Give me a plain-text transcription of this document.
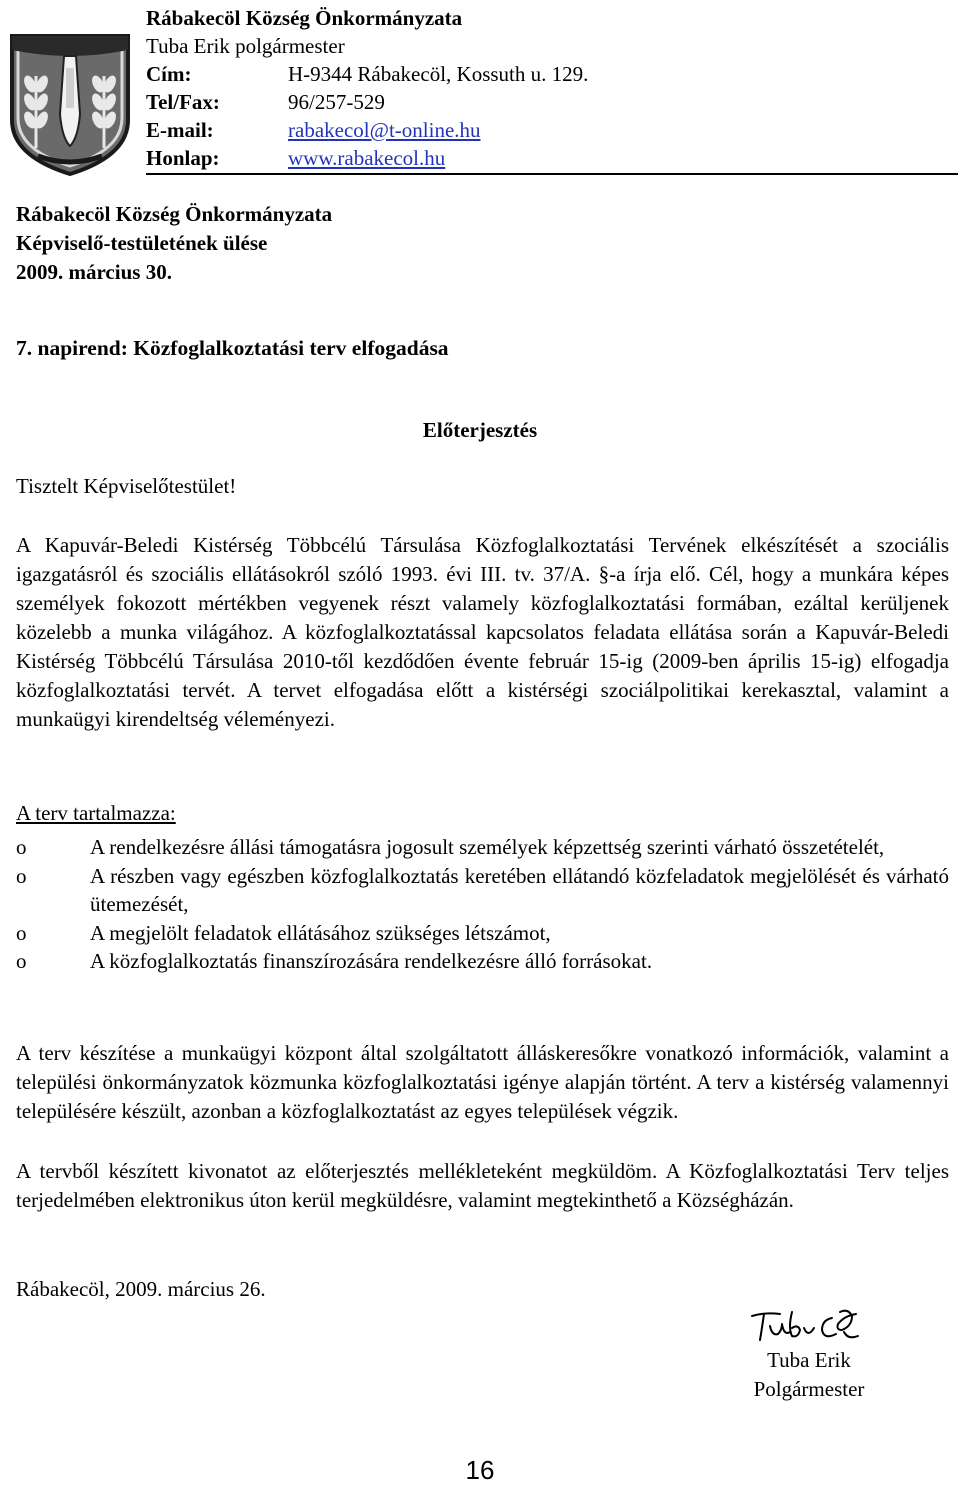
Rábakecöl Község Önkormányzata
Tuba Erik polgármester
Cím:	H-9344 Rábakecöl, Kossuth u. 129.
Tel/Fax:	96/257-529
E-mail:	rabakecol@t-online.hu
Honlap:	www.rabakecol.hu
Rábakecöl Község Önkormányzata
Képviselő-testületének ülése
2009. március 30.
7. napirend: Közfoglalkoztatási terv elfogadása
Előterjesztés
Tisztelt Képviselőtestület!

A Kapuvár-Beledi Kistérség Többcélú Társulása Közfoglalkoztatási Tervének elkészítését a szociális igazgatásról és szociális ellátásokról szóló 1993. évi III. tv. 37/A. §-a írja elő. Cél, hogy a munkára képes személyek fokozott mértékben vegyenek részt valamely közfoglalkoztatási formában, ezáltal kerüljenek közelebb a munka világához. A közfoglalkoztatással kapcsolatos feladata ellátása során a Kapuvár-Beledi Kistérség Többcélú Társulása 2010-től kezdődően évente február 15-ig (2009-ben április 15-ig) elfogadja közfoglalkoztatási tervét. A tervet elfogadása előtt a kistérségi szociálpolitikai kerekasztal, valamint a munkaügyi kirendeltség véleményezi.

A terv tartalmazza:
o	A rendelkezésre állási támogatásra jogosult személyek képzettség szerinti várható összetételét,
o	A részben vagy egészben közfoglalkoztatás keretében ellátandó közfeladatok megjelölését és várható ütemezését,
o	A megjelölt feladatok ellátásához szükséges létszámot,
o	A közfoglalkoztatás finanszírozására rendelkezésre álló forrásokat.

A terv készítése a munkaügyi központ által szolgáltatott álláskeresőkre vonatkozó információk, valamint a települési önkormányzatok közmunka közfoglalkoztatási igénye alapján történt. A terv a kistérség valamennyi településére készült, azonban a közfoglalkoztatást az egyes települések végzik.

A tervből készített kivonatot az előterjesztés mellékleteként megküldöm. A Közfoglalkoztatási Terv teljes terjedelmében elektronikus úton kerül megküldésre, valamint megtekinthető a Községházán.

Rábakecöl, 2009. március 26.
Tuba Erik
Polgármester
16
